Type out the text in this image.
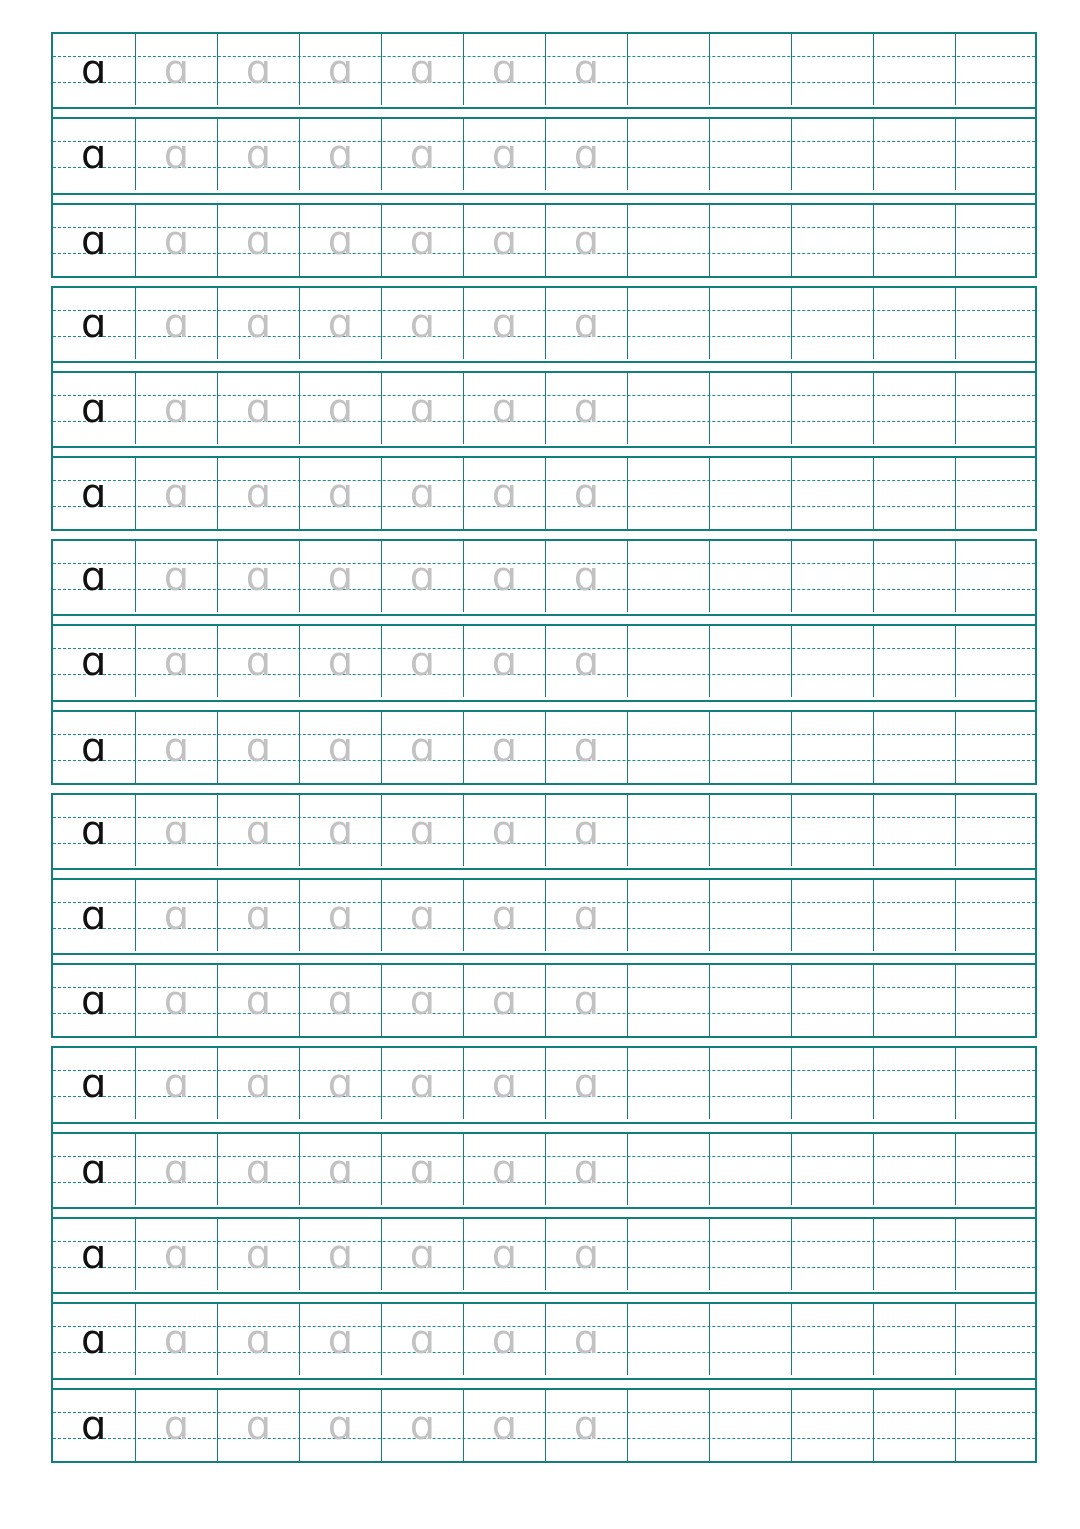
ɑ	ɑ	ɑ	ɑ	ɑ	ɑ	ɑ
ɑ	ɑ	ɑ	ɑ	ɑ	ɑ	ɑ
ɑ	ɑ	ɑ	ɑ	ɑ	ɑ	ɑ
ɑ	ɑ	ɑ	ɑ	ɑ	ɑ	ɑ
ɑ	ɑ	ɑ	ɑ	ɑ	ɑ	ɑ
ɑ	ɑ	ɑ	ɑ	ɑ	ɑ	ɑ
ɑ	ɑ	ɑ	ɑ	ɑ	ɑ	ɑ
ɑ	ɑ	ɑ	ɑ	ɑ	ɑ	ɑ
ɑ	ɑ	ɑ	ɑ	ɑ	ɑ	ɑ
ɑ	ɑ	ɑ	ɑ	ɑ	ɑ	ɑ
ɑ	ɑ	ɑ	ɑ	ɑ	ɑ	ɑ
ɑ	ɑ	ɑ	ɑ	ɑ	ɑ	ɑ
ɑ	ɑ	ɑ	ɑ	ɑ	ɑ	ɑ
ɑ	ɑ	ɑ	ɑ	ɑ	ɑ	ɑ
ɑ	ɑ	ɑ	ɑ	ɑ	ɑ	ɑ
ɑ	ɑ	ɑ	ɑ	ɑ	ɑ	ɑ
ɑ	ɑ	ɑ	ɑ	ɑ	ɑ	ɑ
